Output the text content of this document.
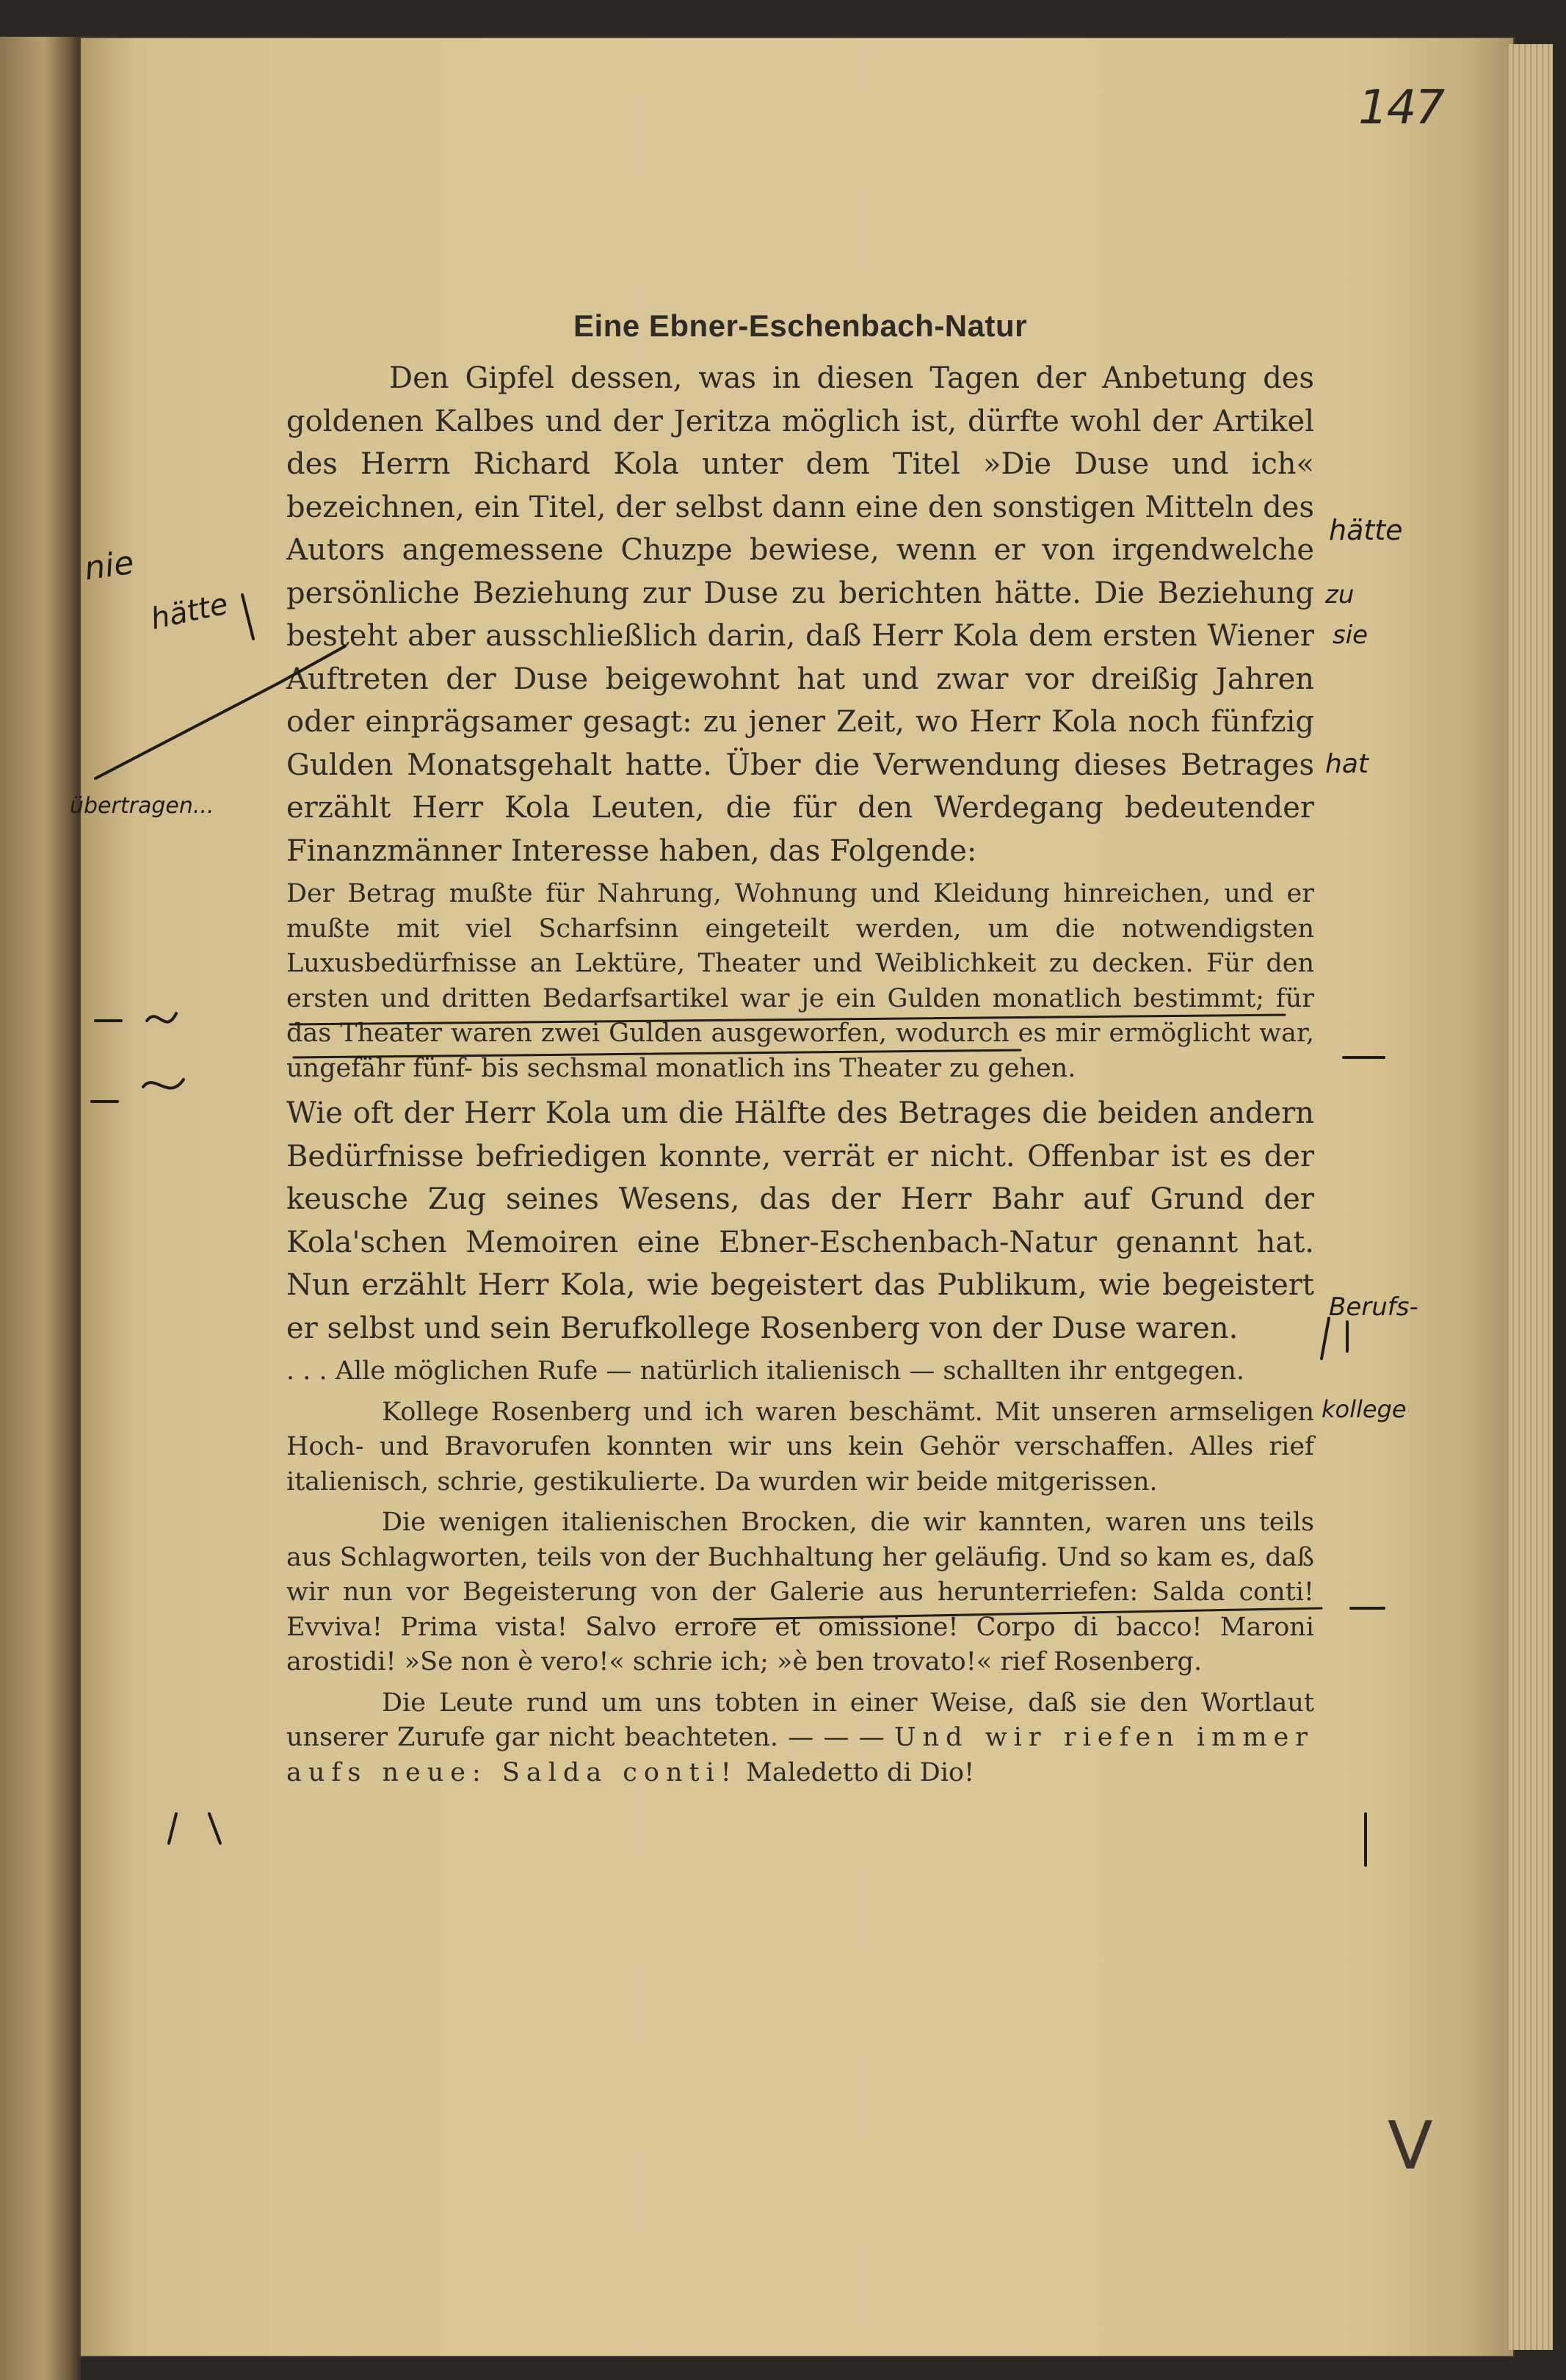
147
Eine Ebner-Eschenbach-Natur

Den Gipfel dessen, was in diesen Tagen der Anbetung des goldenen Kalbes und der Jeritza möglich ist, dürfte wohl der Artikel des Herrn Richard Kola unter dem Titel »Die Duse und ich« bezeichnen, ein Titel, der selbst dann eine den sonstigen Mitteln des Autors angemessene Chuzpe bewiese, wenn er von irgendwelche persönliche Beziehung zur Duse zu berichten hätte. Die Beziehung besteht aber ausschließlich darin, daß Herr Kola dem ersten Wiener Auftreten der Duse beigewohnt hat und zwar vor dreißig Jahren oder einprägsamer gesagt: zu jener Zeit, wo Herr Kola noch fünfzig Gulden Monatsgehalt hatte. Über die Verwendung dieses Betrages erzählt Herr Kola Leuten, die für den Werdegang bedeutender Finanzmänner Interesse haben, das Folgende:

Der Betrag mußte für Nahrung, Wohnung und Kleidung hinreichen, und er mußte mit viel Scharfsinn eingeteilt werden, um die notwendigsten Luxusbedürfnisse an Lektüre, Theater und Weiblichkeit zu decken. Für den ersten und dritten Bedarfsartikel war je ein Gulden monatlich bestimmt; für das Theater waren zwei Gulden ausgeworfen, wodurch es mir ermöglicht war, ungefähr fünf- bis sechsmal monatlich ins Theater zu gehen.

Wie oft der Herr Kola um die Hälfte des Betrages die beiden andern Bedürfnisse befriedigen konnte, verrät er nicht. Offenbar ist es der keusche Zug seines Wesens, das der Herr Bahr auf Grund der Kola'schen Memoiren eine Ebner-Eschenbach-Natur genannt hat. Nun erzählt Herr Kola, wie begeistert das Publikum, wie begeistert er selbst und sein Berufkollege Rosenberg von der Duse waren.

. . . Alle möglichen Rufe — natürlich italienisch — schallten ihr entgegen.

Kollege Rosenberg und ich waren beschämt. Mit unseren armseligen Hoch- und Bravorufen konnten wir uns kein Gehör verschaffen. Alles rief italienisch, schrie, gestikulierte. Da wurden wir beide mitgerissen.

Die wenigen italienischen Brocken, die wir kannten, waren uns teils aus Schlagworten, teils von der Buchhaltung her geläufig. Und so kam es, daß wir nun vor Begeisterung von der Galerie aus herunterriefen: Salda conti! Evviva! Prima vista! Salvo errore et omissione! Corpo di bacco! Maroni arostidi! »Se non è vero!« schrie ich; »è ben trovato!« rief Rosenberg.

Die Leute rund um uns tobten in einer Weise, daß sie den Wortlaut unserer Zurufe gar nicht beachteten. — — — Und wir riefen immer aufs neue: Salda conti! Maledetto di Dio!

nie
hätte
übertragen...
hätte
zu
sie
hat
Berufs-
kollege
V
